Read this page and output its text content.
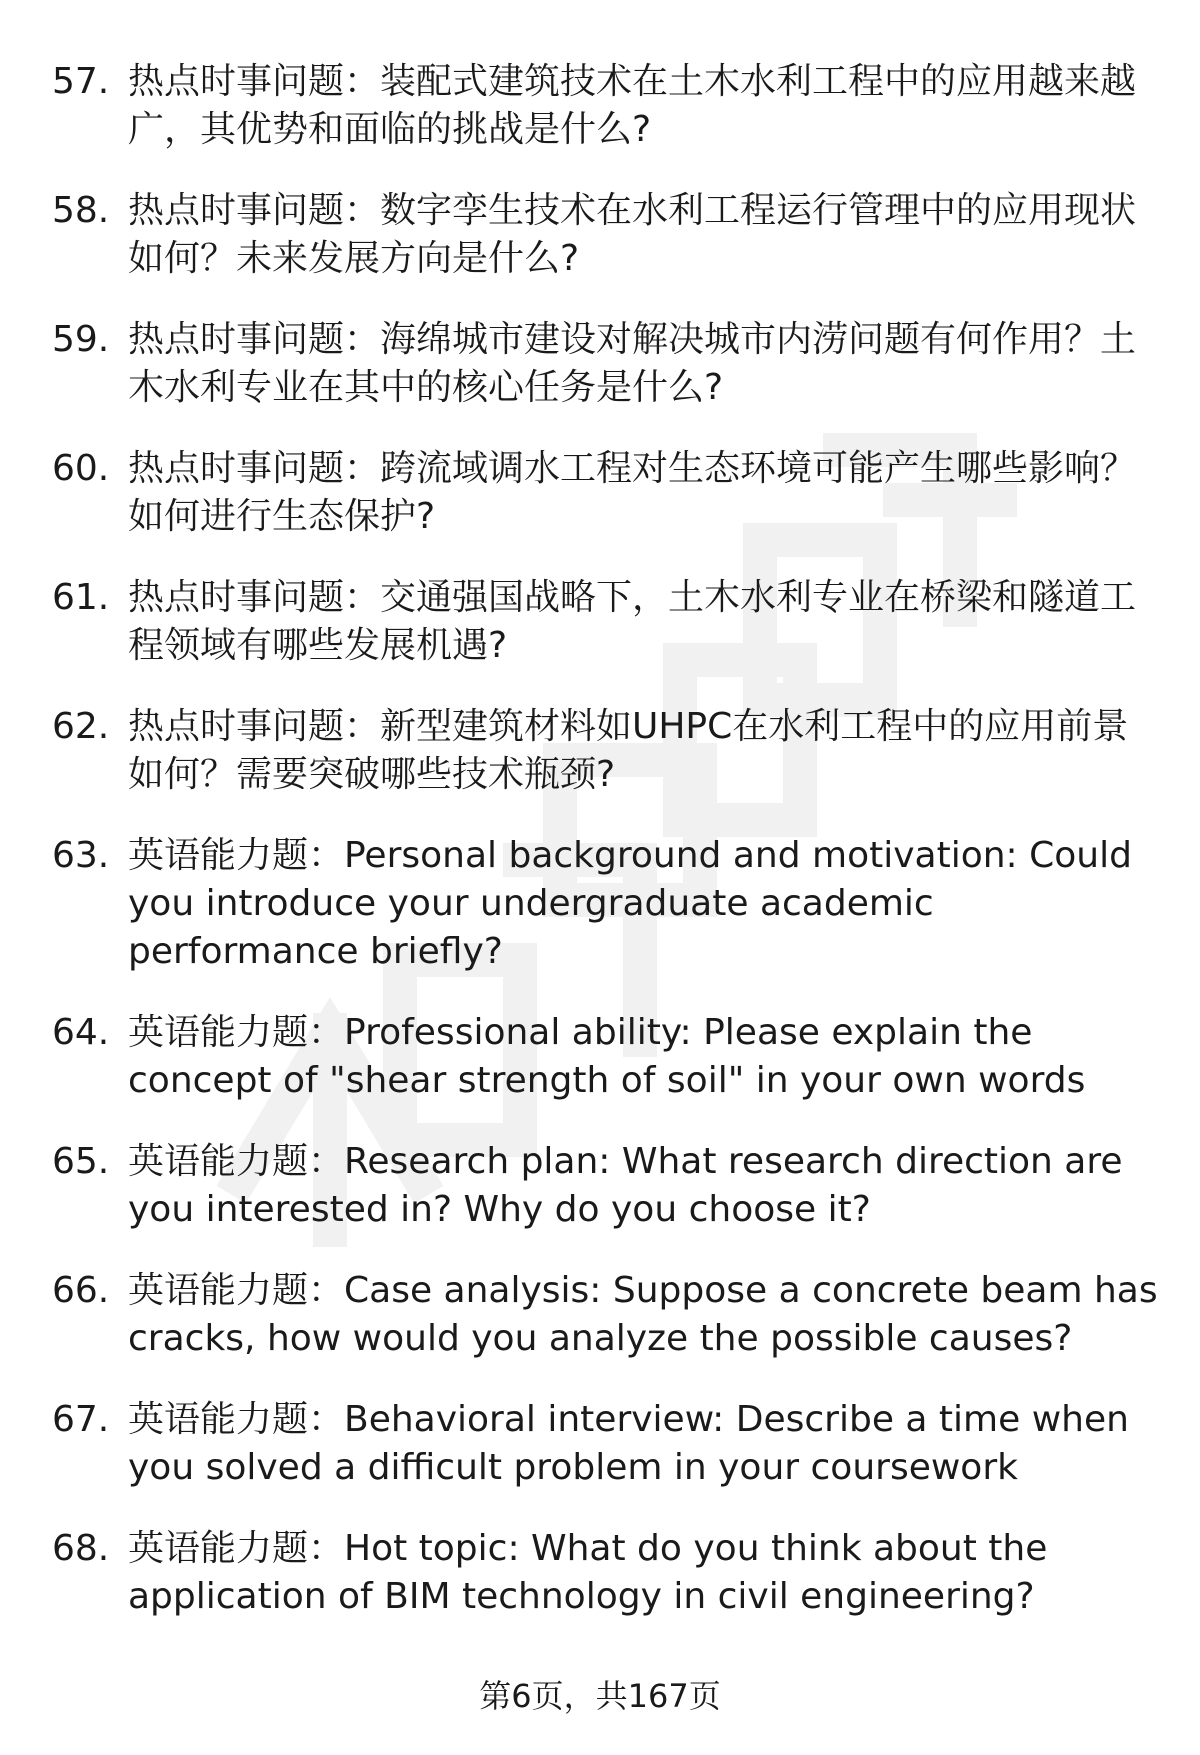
57. 热点时事问题：装配式建筑技术在土木水利工程中的应用越来越广，其优势和面临的挑战是什么?
58. 热点时事问题：数字孪生技术在水利工程运行管理中的应用现状如何？未来发展方向是什么?
59. 热点时事问题：海绵城市建设对解决城市内涝问题有何作用？土木水利专业在其中的核心任务是什么?
60. 热点时事问题：跨流域调水工程对生态环境可能产生哪些影响？如何进行生态保护?
61. 热点时事问题：交通强国战略下，土木水利专业在桥梁和隧道工程领域有哪些发展机遇?
62. 热点时事问题：新型建筑材料如UHPC在水利工程中的应用前景如何？需要突破哪些技术瓶颈?
63. 英语能力题：Personal background and motivation: Could you introduce your undergraduate academic performance briefly?
64. 英语能力题：Professional ability: Please explain the concept of "shear strength of soil" in your own words
65. 英语能力题：Research plan: What research direction are you interested in? Why do you choose it?
66. 英语能力题：Case analysis: Suppose a concrete beam has cracks, how would you analyze the possible causes?
67. 英语能力题：Behavioral interview: Describe a time when you solved a difficult problem in your coursework
68. 英语能力题：Hot topic: What do you think about the application of BIM technology in civil engineering?
第6页，共167页
